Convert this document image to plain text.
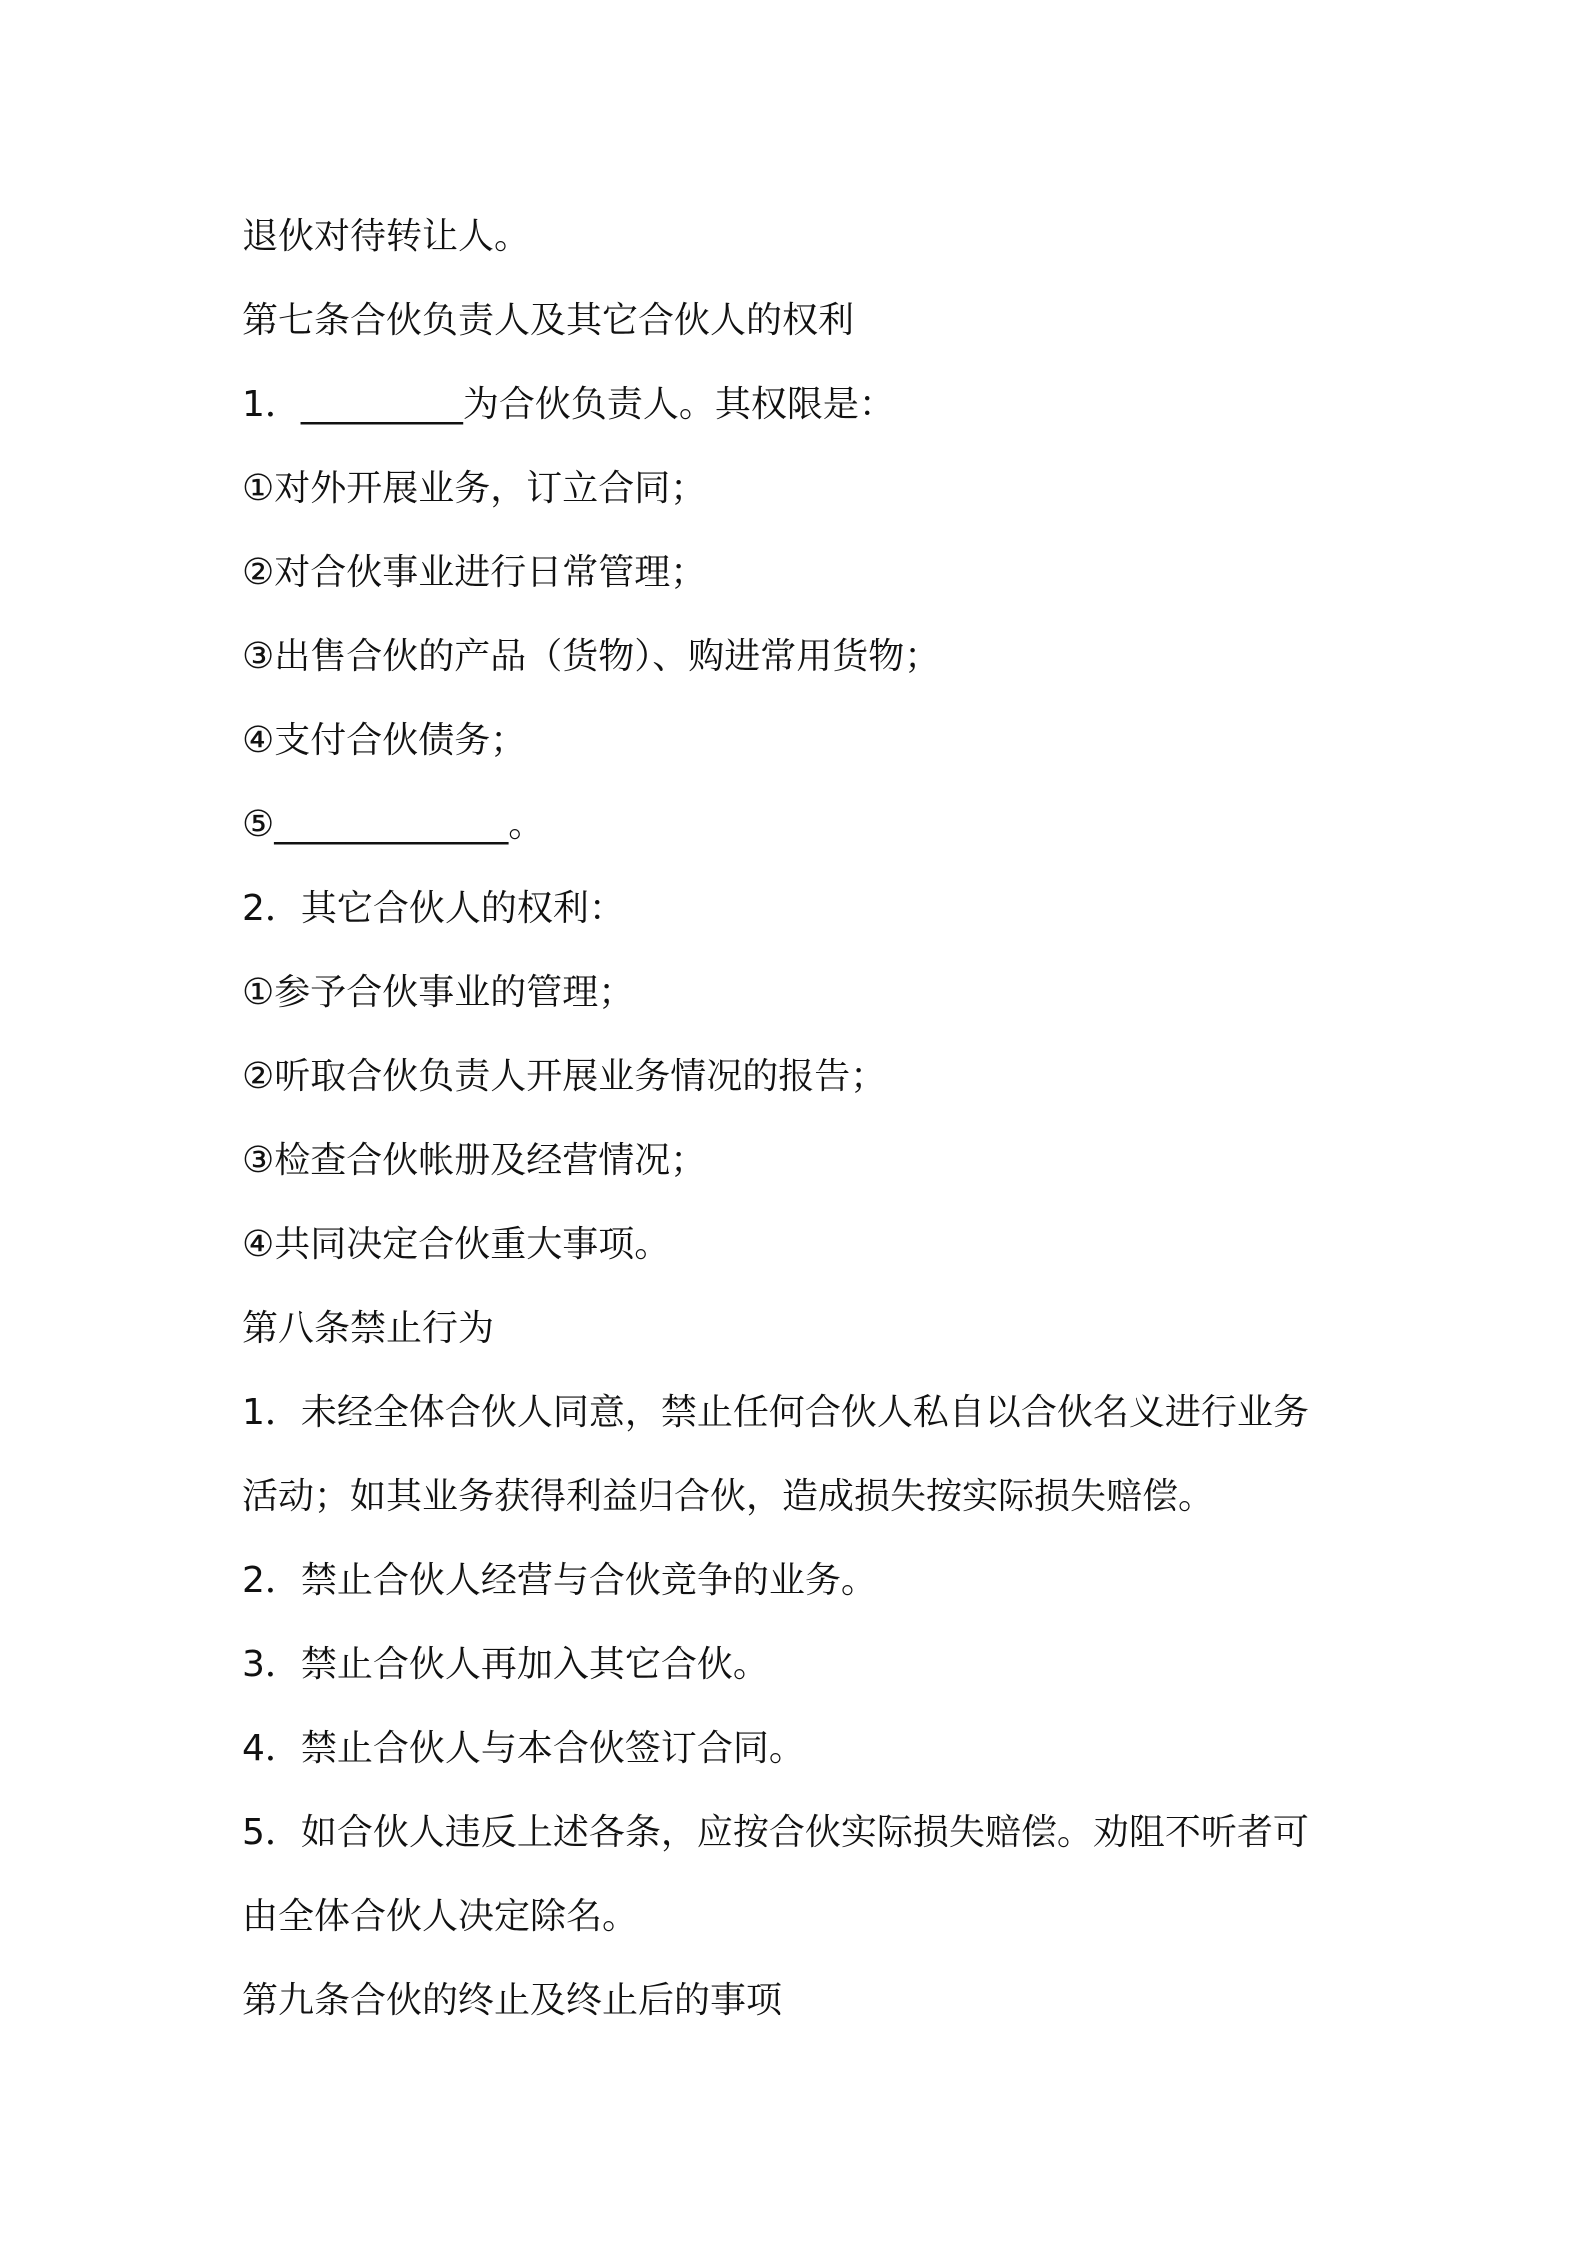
退伙对待转让人。
第七条合伙负责人及其它合伙人的权利
1．_________为合伙负责人。其权限是：
①对外开展业务，订立合同；
②对合伙事业进行日常管理；
③出售合伙的产品（货物）、购进常用货物；
④支付合伙债务；
⑤_____________。
2．其它合伙人的权利：
①参予合伙事业的管理；
②听取合伙负责人开展业务情况的报告；
③检查合伙帐册及经营情况；
④共同决定合伙重大事项。
第八条禁止行为
1．未经全体合伙人同意，禁止任何合伙人私自以合伙名义进行业务
活动；如其业务获得利益归合伙，造成损失按实际损失赔偿。
2．禁止合伙人经营与合伙竞争的业务。
3．禁止合伙人再加入其它合伙。
4．禁止合伙人与本合伙签订合同。
5．如合伙人违反上述各条，应按合伙实际损失赔偿。劝阻不听者可
由全体合伙人决定除名。
第九条合伙的终止及终止后的事项
